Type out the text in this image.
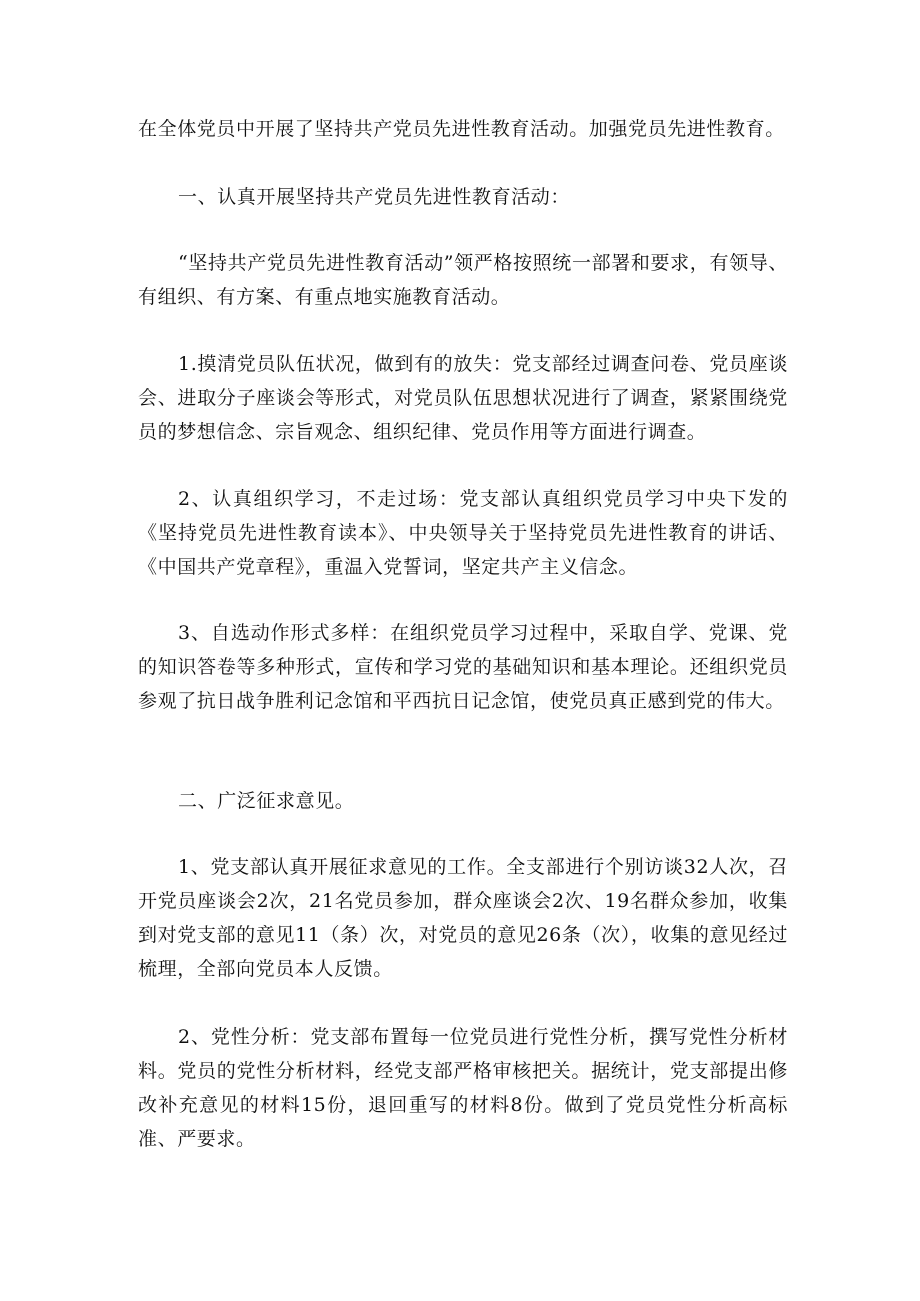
在全体党员中开展了坚持共产党员先进性教育活动。加强党员先进性教育。

一、认真开展坚持共产党员先进性教育活动：

“坚持共产党员先进性教育活动”领严格按照统一部署和要求，有领导、有组织、有方案、有重点地实施教育活动。

1.摸清党员队伍状况，做到有的放失：党支部经过调查问卷、党员座谈会、进取分子座谈会等形式，对党员队伍思想状况进行了调查，紧紧围绕党员的梦想信念、宗旨观念、组织纪律、党员作用等方面进行调查。

2、认真组织学习，不走过场：党支部认真组织党员学习中央下发的《坚持党员先进性教育读本》、中央领导关于坚持党员先进性教育的讲话、《中国共产党章程》，重温入党誓词，坚定共产主义信念。

3、自选动作形式多样：在组织党员学习过程中，采取自学、党课、党的知识答卷等多种形式，宣传和学习党的基础知识和基本理论。还组织党员参观了抗日战争胜利记念馆和平西抗日记念馆，使党员真正感到党的伟大。

二、广泛征求意见。

1、党支部认真开展征求意见的工作。全支部进行个别访谈32人次，召开党员座谈会2次，21名党员参加，群众座谈会2次、19名群众参加，收集到对党支部的意见11（条）次，对党员的意见26条（次），收集的意见经过梳理，全部向党员本人反馈。

2、党性分析：党支部布置每一位党员进行党性分析，撰写党性分析材料。党员的党性分析材料，经党支部严格审核把关。据统计，党支部提出修改补充意见的材料15份，退回重写的材料8份。做到了党员党性分析高标准、严要求。
